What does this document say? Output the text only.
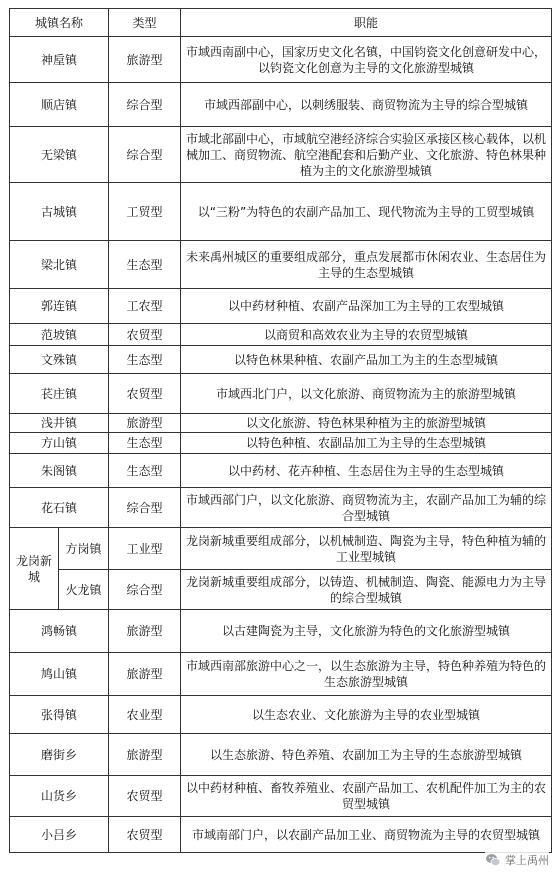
城镇名称		类型	职能
神垕镇		旅游型	市域西南副中心，国家历史文化名镇，中国钧瓷文化创意研发中心，以钧瓷文化创意为主导的文化旅游型城镇
顺店镇		综合型	市域西部副中心，以刺绣服装、商贸物流为主导的综合型城镇
无梁镇		综合型	市域北部副中心，市域航空港经济综合实验区承接区核心载体，以机械加工、商贸物流、航空港配套和后勤产业、文化旅游、特色林果种植为主的文化旅游型城镇
古城镇		工贸型	以“三粉”为特色的农副产品加工、现代物流为主导的工贸型城镇
梁北镇		生态型	未来禹州城区的重要组成部分，重点发展都市休闲农业、生态居住为主导的生态型城镇
郭连镇		工农型	以中药材种植、农副产品深加工为主导的工农型城镇
范坡镇		农贸型	以商贸和高效农业为主导的农贸型城镇
文殊镇		生态型	以特色林果种植、农副产品加工为主的生态型城镇
苌庄镇		农贸型	市域西北门户，以文化旅游、商贸物流为主的旅游型城镇
浅井镇		旅游型	以文化旅游、特色林果种植为主的旅游型城镇
方山镇		生态型	以特色种植、农副品加工为主导的生态型城镇
朱阁镇		生态型	以中药材、花卉种植、生态居住为主导的生态型城镇
花石镇		综合型	市域西部门户，以文化旅游、商贸物流为主，农副产品加工为辅的综合型城镇
龙岗新城	方岗镇	工业型	龙岗新城重要组成部分，以机械制造、陶瓷为主导，特色种植为辅的工业型城镇
	火龙镇	综合型	龙岗新城重要组成部分，以铸造、机械制造、陶瓷、能源电力为主导的综合型城镇
鸿畅镇		旅游型	以古建陶瓷为主导，文化旅游为特色的文化旅游型城镇
鸠山镇		旅游型	市域西南部旅游中心之一，以生态旅游为主导，特色种养殖为特色的生态旅游型城镇
张得镇		农业型	以生态农业、文化旅游为主导的农业型城镇
磨街乡		旅游型	以生态旅游、特色养殖、农副加工为主导的生态旅游型城镇
山货乡		农贸型	以中药材种植、畜牧养殖业、农副产品加工、农机配件加工为主的农贸型城镇
小吕乡		农贸型	市域南部门户，以农副产品加工业、商贸物流为主导的农贸型城镇
掌上禹州
